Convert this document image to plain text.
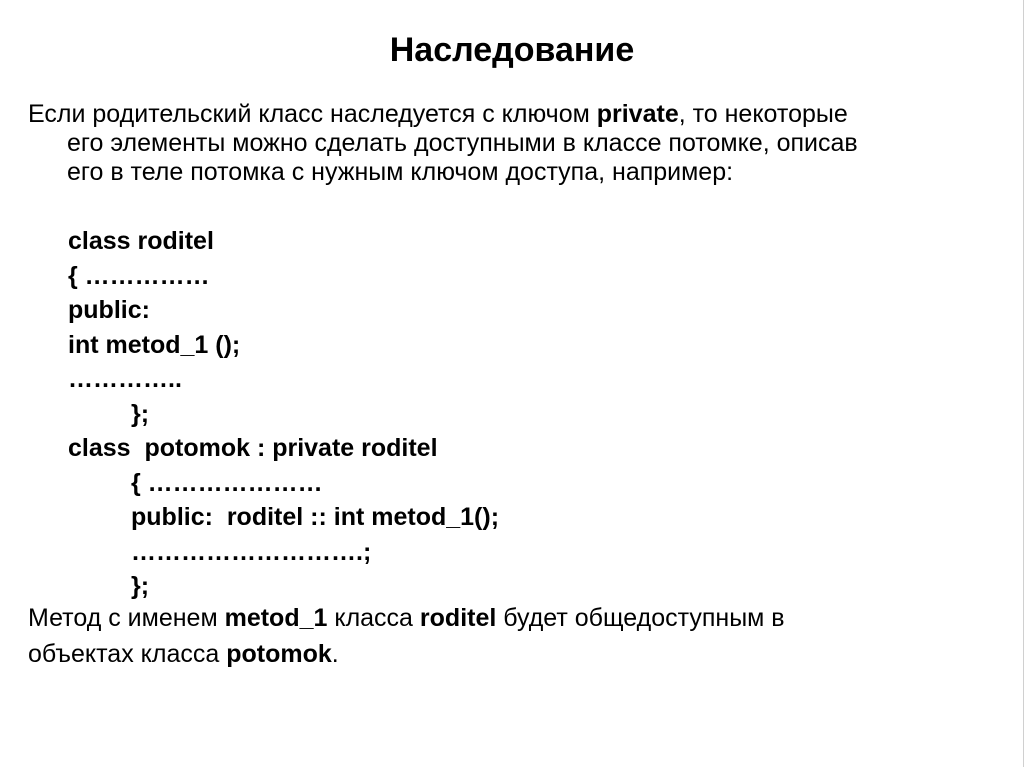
Наследование
Если родительский класс наследуется с ключом private, то некоторые
его элементы можно сделать доступными в классе потомке, описав
его в теле потомка с нужным ключом доступа, например:
class roditel
{ ……………
public:
int metod_1 ();
…………..
};
class  potomok : private roditel
{ …………………
public:  roditel :: int metod_1();
……………………….;
};
Метод с именем metod_1 класса roditel будет общедоступным в
объектах класса potomok.
